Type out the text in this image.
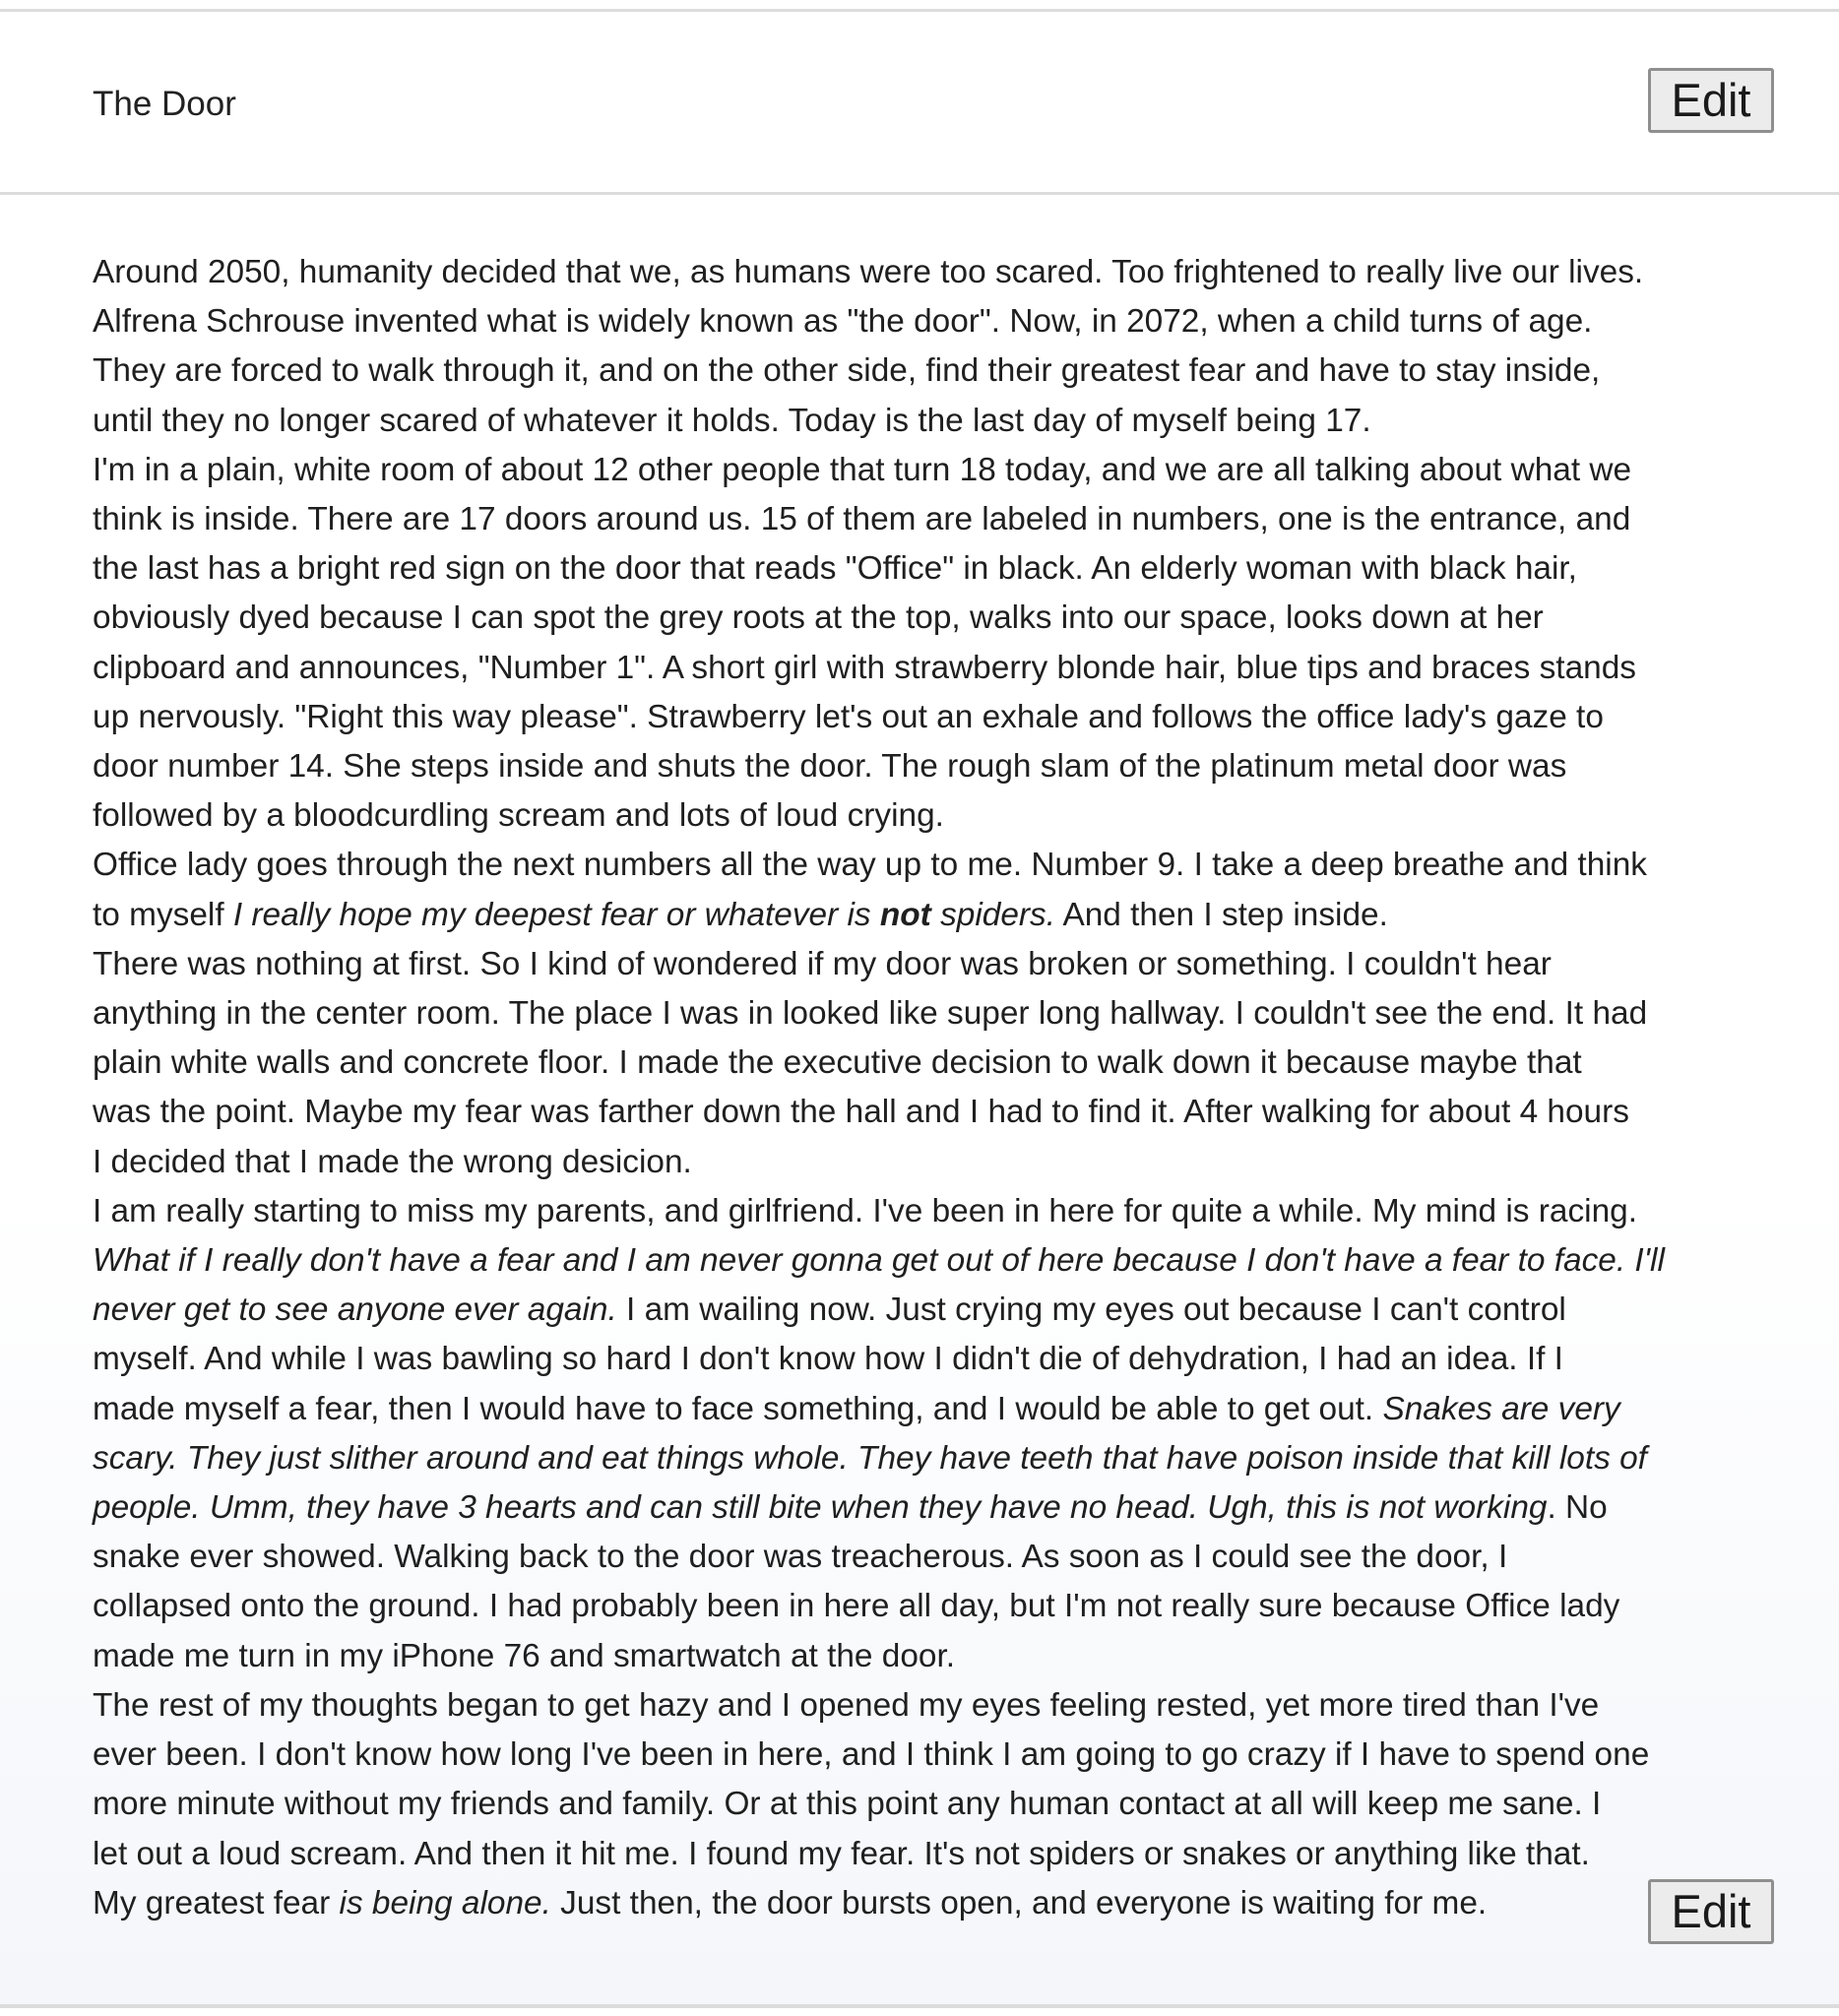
The Door	Edit
Around 2050, humanity decided that we, as humans were too scared. Too frightened to really live our lives.
Alfrena Schrouse invented what is widely known as "the door". Now, in 2072, when a child turns of age.
They are forced to walk through it, and on the other side, find their greatest fear and have to stay inside,
until they no longer scared of whatever it holds. Today is the last day of myself being 17.
I'm in a plain, white room of about 12 other people that turn 18 today, and we are all talking about what we
think is inside. There are 17 doors around us. 15 of them are labeled in numbers, one is the entrance, and
the last has a bright red sign on the door that reads "Office" in black. An elderly woman with black hair,
obviously dyed because I can spot the grey roots at the top, walks into our space, looks down at her
clipboard and announces, "Number 1". A short girl with strawberry blonde hair, blue tips and braces stands
up nervously. "Right this way please". Strawberry let's out an exhale and follows the office lady's gaze to
door number 14. She steps inside and shuts the door. The rough slam of the platinum metal door was
followed by a bloodcurdling scream and lots of loud crying.
Office lady goes through the next numbers all the way up to me. Number 9. I take a deep breathe and think
to myself I really hope my deepest fear or whatever is not spiders. And then I step inside.
There was nothing at first. So I kind of wondered if my door was broken or something. I couldn't hear
anything in the center room. The place I was in looked like super long hallway. I couldn't see the end. It had
plain white walls and concrete floor. I made the executive decision to walk down it because maybe that
was the point. Maybe my fear was farther down the hall and I had to find it. After walking for about 4 hours
I decided that I made the wrong desicion.
I am really starting to miss my parents, and girlfriend. I've been in here for quite a while. My mind is racing.
What if I really don't have a fear and I am never gonna get out of here because I don't have a fear to face. I'll
never get to see anyone ever again. I am wailing now. Just crying my eyes out because I can't control
myself. And while I was bawling so hard I don't know how I didn't die of dehydration, I had an idea. If I
made myself a fear, then I would have to face something, and I would be able to get out. Snakes are very
scary. They just slither around and eat things whole. They have teeth that have poison inside that kill lots of
people. Umm, they have 3 hearts and can still bite when they have no head. Ugh, this is not working. No
snake ever showed. Walking back to the door was treacherous. As soon as I could see the door, I
collapsed onto the ground. I had probably been in here all day, but I'm not really sure because Office lady
made me turn in my iPhone 76 and smartwatch at the door.
The rest of my thoughts began to get hazy and I opened my eyes feeling rested, yet more tired than I've
ever been. I don't know how long I've been in here, and I think I am going to go crazy if I have to spend one
more minute without my friends and family. Or at this point any human contact at all will keep me sane. I
let out a loud scream. And then it hit me. I found my fear. It's not spiders or snakes or anything like that.
My greatest fear is being alone. Just then, the door bursts open, and everyone is waiting for me.	Edit
